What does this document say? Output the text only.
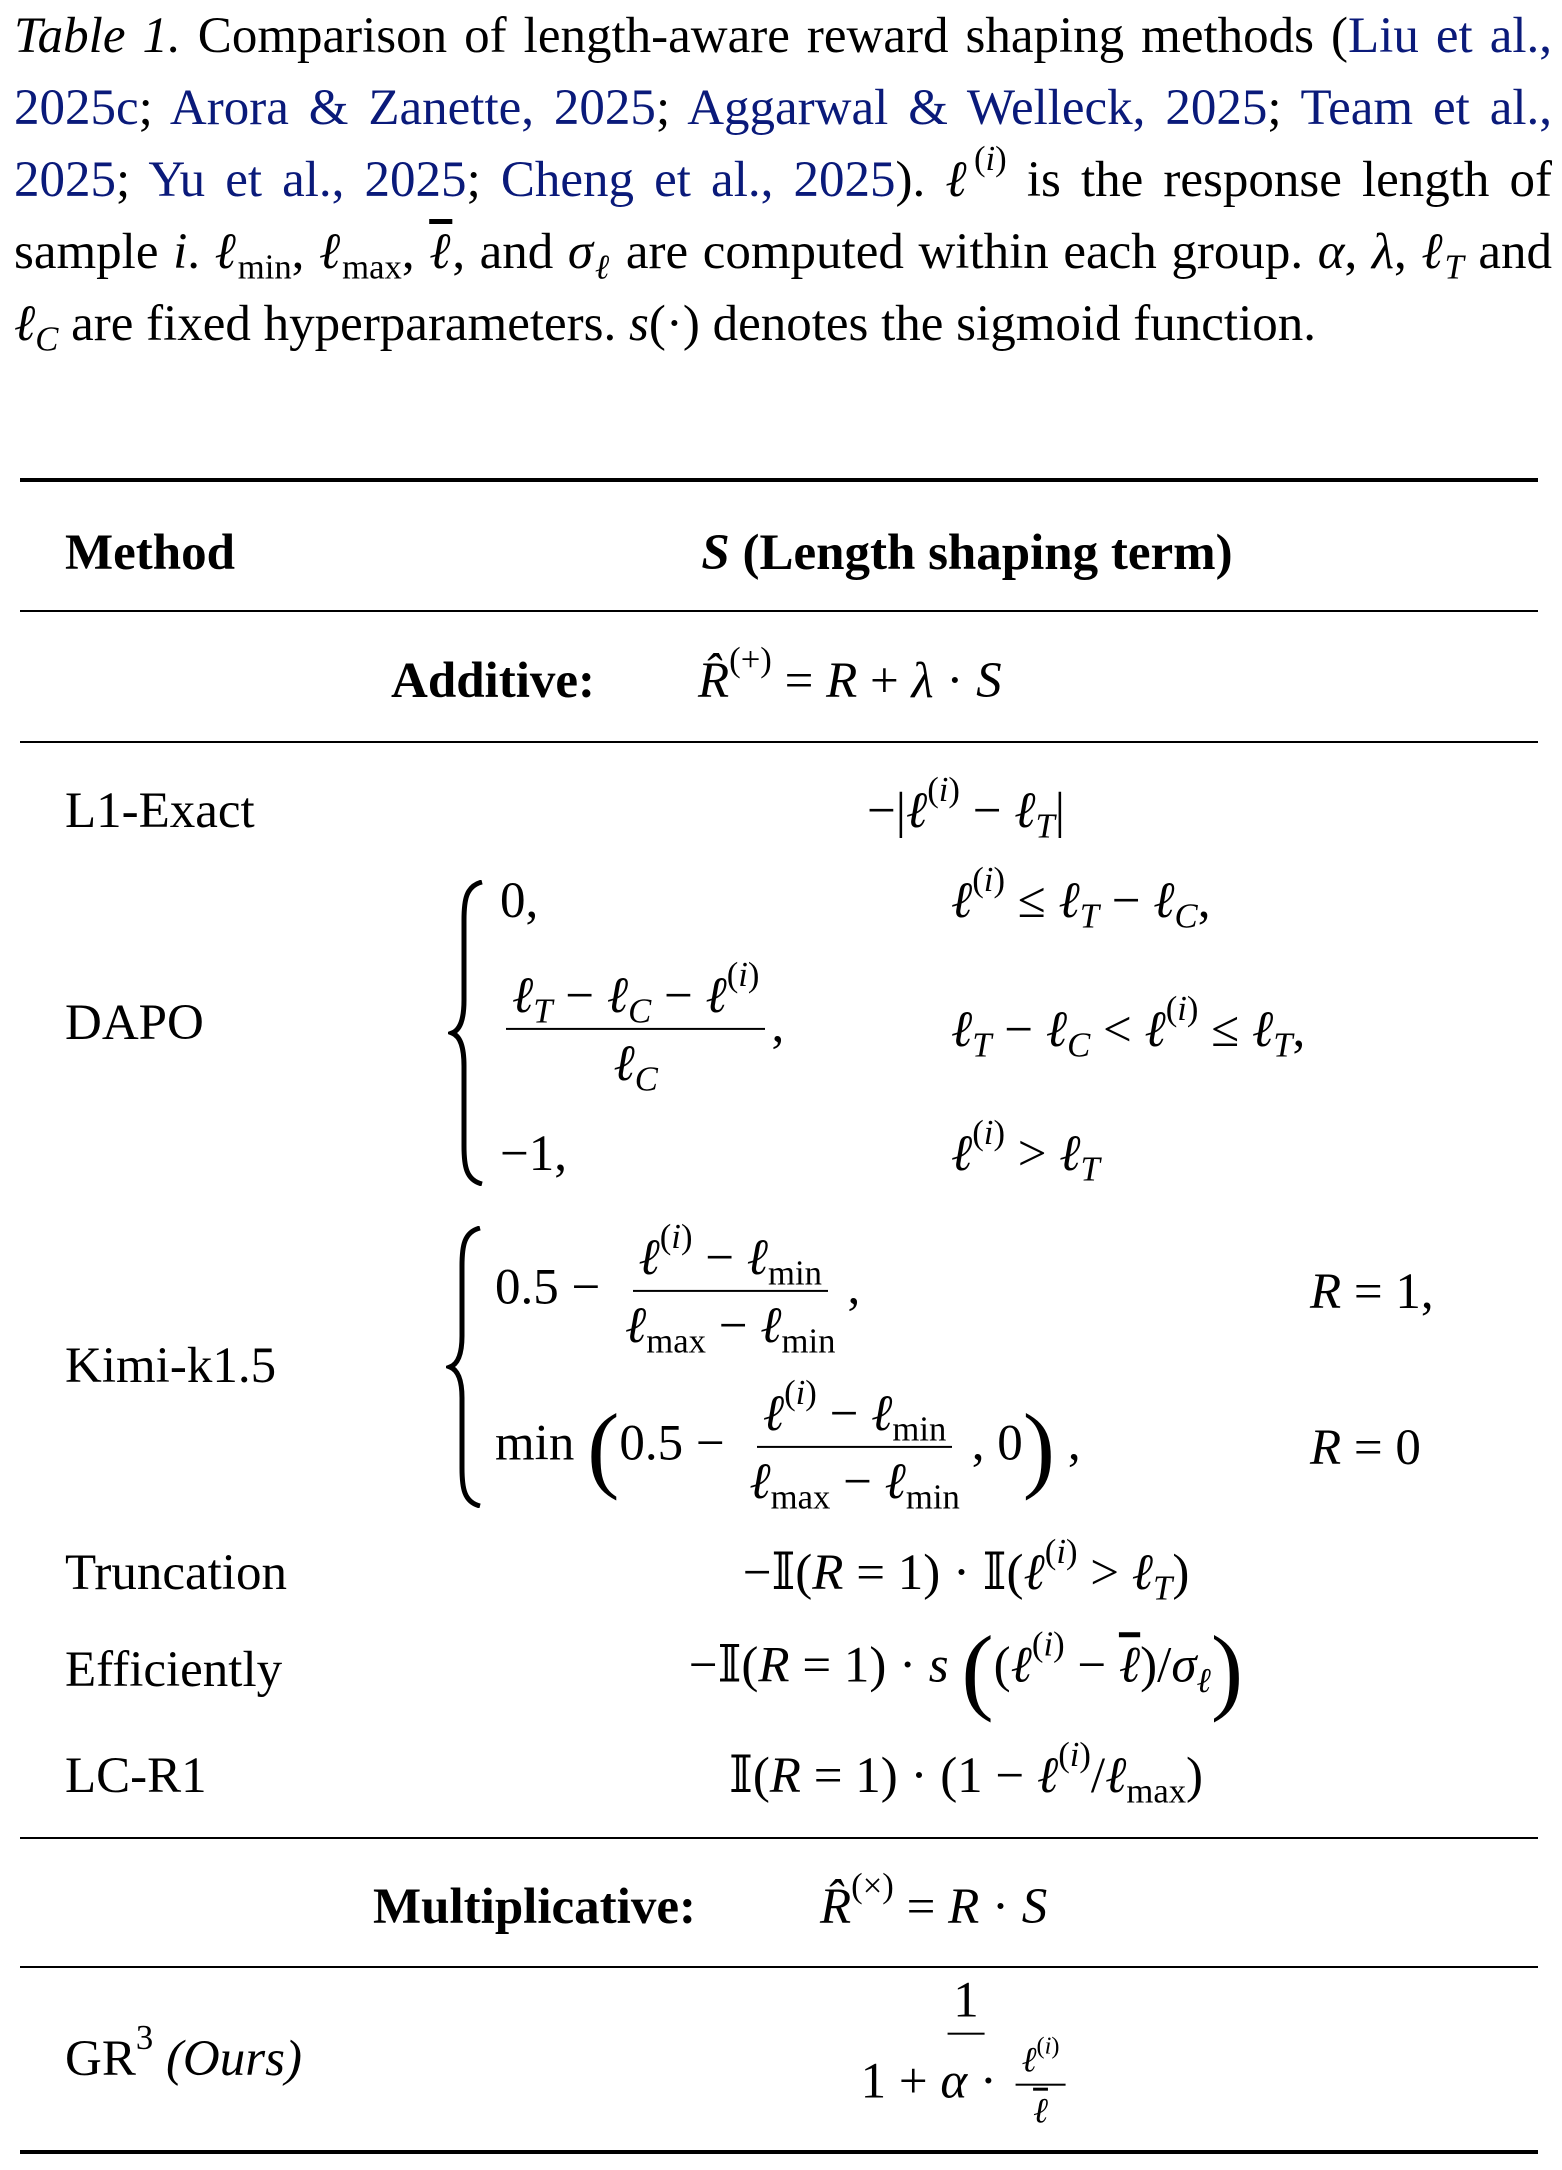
Table 1. Comparison of length-aware reward shaping methods (Liu et al., 2025c; Arora & Zanette, 2025; Aggarwal & Welleck, 2025; Team et al., 2025; Yu et al., 2025; Cheng et al., 2025). ℓ$^{(i)}$ is the response length of sample i. ℓ$_{min}$, ℓ$_{max}$, ℓ, and $\sigma_\ell$ are computed within each group. α, λ, ℓ$_T$ and ℓ$_C$ are fixed hyperparameters. s(·) denotes the sigmoid function.
Method	S (Length shaping term)
Additive: R̂(+) = R + λ · S
L1-Exact	−|ℓ$^{(i)}$ − ℓ$_T$|
DAPO
0,	ℓ$^{(i)}$ ≤ ℓ$_T$ − ℓ$_C$,
$\frac{\ell_T - \ell_C - \ell^{(i)}}{\ell_C}$ ,	ℓ$_T$ − ℓ$_C$ < ℓ$^{(i)}$ ≤ ℓ$_T$,
−1,	ℓ$^{(i)}$ > ℓ$_T$
Kimi-k1.5
$0.5 - \frac{\ell^{(i)} - \ell_{min}}{\ell_{max} - \ell_{min}}$ ,	R = 1,
$\min (0.5 - \frac{\ell^{(i)} - \ell_{min}}{\ell_{max} - \ell_{min}}$ , 0) ,	R = 0
Truncation	−𝕀(R = 1) · 𝕀(ℓ$^{(i)}$ > ℓ$_T$)
Efficiently	−𝕀(R = 1) · s ((ℓ$^{(i)}$ − $\ell)/\sigma_\ell$)
LC-R1	𝕀(R = 1) · (1 − ℓ$^{(i)}$/ℓ$_{max}$)
Multiplicative: R̂(×) = R · S
$GR^3$ (Ours)	$\frac{1}{1 + \alpha \cdot \frac{\ell^{(i)}}{\text{ℓ}}}$
